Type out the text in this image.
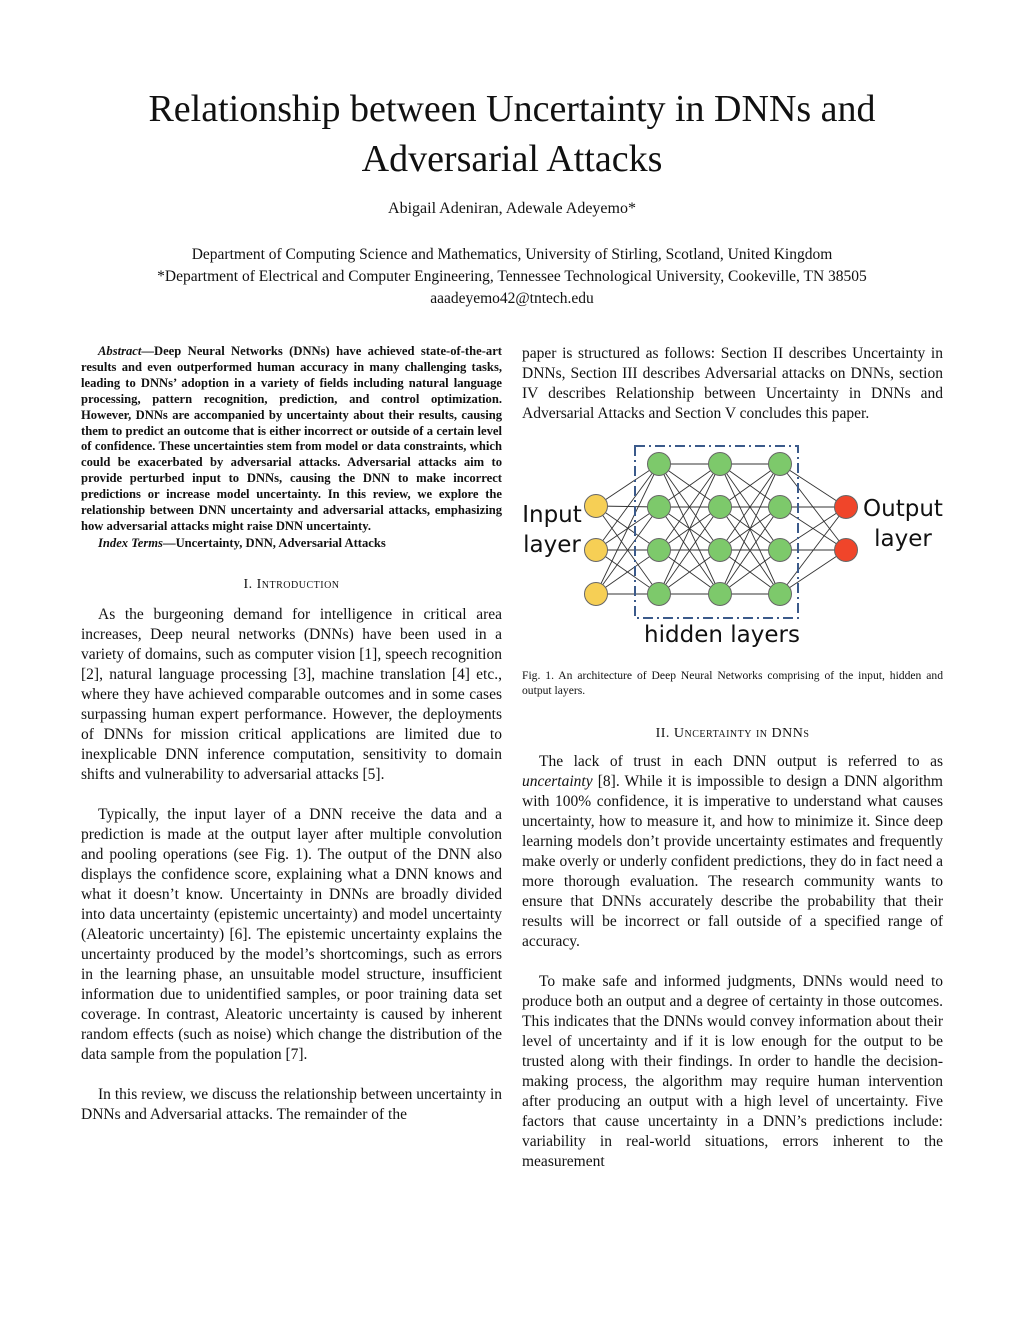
Relationship between Uncertainty in DNNs and
Adversarial Attacks
Abigail Adeniran, Adewale Adeyemo*
Department of Computing Science and Mathematics, University of Stirling, Scotland, United Kingdom
*Department of Electrical and Computer Engineering, Tennessee Technological University, Cookeville, TN 38505
aaadeyemo42@tntech.edu

Abstract—Deep Neural Networks (DNNs) have achieved state-of-the-art results and even outperformed human accuracy in many challenging tasks, leading to DNNs’ adoption in a variety of fields including natural language processing, pattern recognition, prediction, and control optimization. However, DNNs are accompanied by uncertainty about their results, causing them to predict an outcome that is either incorrect or outside of a certain level of confidence. These uncertainties stem from model or data constraints, which could be exacerbated by adversarial attacks. Adversarial attacks aim to provide perturbed input to DNNs, causing the DNN to make incorrect predictions or increase model uncertainty. In this review, we explore the relationship between DNN uncertainty and adversarial attacks, emphasizing how adversarial attacks might raise DNN uncertainty.

Index Terms—Uncertainty, DNN, Adversarial Attacks

I. Introduction

As the burgeoning demand for intelligence in critical area increases, Deep neural networks (DNNs) have been used in a variety of domains, such as computer vision [1], speech recognition [2], natural language processing [3], machine translation [4] etc., where they have achieved comparable outcomes and in some cases surpassing human expert performance. However, the deployments of DNNs for mission critical applications are limited due to inexplicable DNN inference computation, sensitivity to domain shifts and vulnerability to adversarial attacks [5].

Typically, the input layer of a DNN receive the data and a prediction is made at the output layer after multiple convolution and pooling operations (see Fig. 1). The output of the DNN also displays the confidence score, explaining what a DNN knows and what it doesn’t know. Uncertainty in DNNs are broadly divided into data uncertainty (epistemic uncertainty) and model uncertainty (Aleatoric uncertainty) [6]. The epistemic uncertainty explains the uncertainty produced by the model’s shortcomings, such as errors in the learning phase, an unsuitable model structure, insufficient information due to unidentified samples, or poor training data set coverage. In contrast, Aleatoric uncertainty is caused by inherent random effects (such as noise) which change the distribution of the data sample from the population [7].

In this review, we discuss the relationship between uncertainty in DNNs and Adversarial attacks. The remainder of the

paper is structured as follows: Section II describes Uncertainty in DNNs, Section III describes Adversarial attacks on DNNs, section IV describes Relationship between Uncertainty in DNNs and Adversarial Attacks and Section V concludes this paper.

Input
layer
Output
layer
hidden layers

Fig. 1. An architecture of Deep Neural Networks comprising of the input, hidden and output layers.

II. Uncertainty in DNNs

The lack of trust in each DNN output is referred to as uncertainty [8]. While it is impossible to design a DNN algorithm with 100% confidence, it is imperative to understand what causes uncertainty, how to measure it, and how to minimize it. Since deep learning models don’t provide uncertainty estimates and frequently make overly or underly confident predictions, they do in fact need a more thorough evaluation. The research community wants to ensure that DNNs accurately describe the probability that their results will be incorrect or fall outside of a specified range of accuracy.

To make safe and informed judgments, DNNs would need to produce both an output and a degree of certainty in those outcomes. This indicates that the DNNs would convey information about their level of uncertainty and if it is low enough for the output to be trusted along with their findings. In order to handle the decision-making process, the algorithm may require human intervention after producing an output with a high level of uncertainty. Five factors that cause uncertainty in a DNN’s predictions include: variability in real-world situations, errors inherent to the measurement
